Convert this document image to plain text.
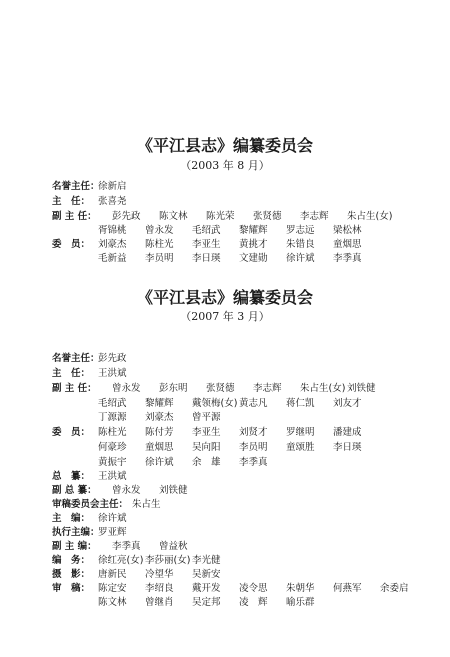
《平江县志》编纂委员会
（2003 年 8 月）
名誉主任：
徐新启
主　任： 张喜尧
副 主 任： 彭先政 陈文林 陈光荣 张贤德 李志辉 朱占生(女)
胥锦桃 曾永发 毛绍武 黎耀辉 罗志远 梁松林
委　员： 刘豪杰 陈柱光 李亚生 黄挑才 朱错良 童烟思
毛新益 李员明 李日瑛 文建勋 徐许斌 李季真
《平江县志》编纂委员会
（2007 年 3 月）
名誉主任：
彭先政
主　任： 王洪斌
副 主 任： 曾永发 彭东明 张贤德 李志辉 朱占生(女) 刘铁健
毛绍武 黎耀辉 戴领梅(女) 黄志凡 蒋仁凯 刘友才
丁源源 刘豪杰 曾平源
委　员： 陈柱光 陈付芳 李亚生 刘贤才 罗继明 潘建成
何豪珍 童烟思 吴向阳 李员明 童颂胜 李日瑛
黄振宇 徐许斌 余　雄 李季真
总　纂： 王洪斌
副 总 纂： 曾永发 刘铁健
审稿委员会主任： 朱占生
主　编： 徐许斌
执行主编：
罗亚辉
副 主 编： 李季真 曾益秋
编　务： 徐红亮(女) 李莎丽(女) 李光健
摄　影： 唐新民 冷望华 吴新安
审　稿： 陈定安 李绍良 戴开发 凌令思 朱朝华 何燕军 余委启
陈文林 曾继肖 吴定邦 凌　辉 喻乐群
